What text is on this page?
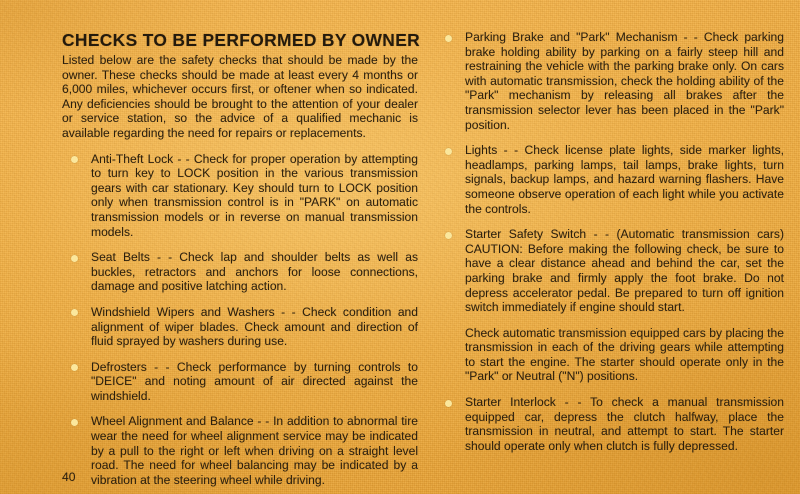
CHECKS TO BE PERFORMED BY OWNER

Listed below are the safety checks that should be made by the owner. These checks should be made at least every 4 months or 6,000 miles, whichever occurs first, or oftener when so indicated. Any deficiencies should be brought to the attention of your dealer or service station, so the advice of a qualified mechanic is available regarding the need for repairs or replacements.

Anti-Theft Lock - - Check for proper operation by attempting to turn key to LOCK position in the various transmission gears with car stationary. Key should turn to LOCK position only when transmission control is in "PARK" on automatic transmission models or in reverse on manual transmission models.
Seat Belts - - Check lap and shoulder belts as well as buckles, retractors and anchors for loose connections, damage and positive latching action.
Windshield Wipers and Washers - - Check condition and alignment of wiper blades. Check amount and direction of fluid sprayed by washers during use.
Defrosters - - Check performance by turning controls to "DEICE" and noting amount of air directed against the windshield.
Wheel Alignment and Balance - - In addition to abnormal tire wear the need for wheel alignment service may be indicated by a pull to the right or left when driving on a straight level road. The need for wheel balancing may be indicated by a vibration at the steering wheel while driving.
Parking Brake and "Park" Mechanism - - Check parking brake holding ability by parking on a fairly steep hill and restraining the vehicle with the parking brake only. On cars with automatic transmission, check the holding ability of the "Park" mechanism by releasing all brakes after the transmission selector lever has been placed in the "Park" position.
Lights - - Check license plate lights, side marker lights, headlamps, parking lamps, tail lamps, brake lights, turn signals, backup lamps, and hazard warning flashers. Have someone observe operation of each light while you activate the controls.
Starter Safety Switch - - (Automatic transmission cars) CAUTION: Before making the following check, be sure to have a clear distance ahead and behind the car, set the parking brake and firmly apply the foot brake. Do not depress accelerator pedal. Be prepared to turn off ignition switch immediately if engine should start.
Check automatic transmission equipped cars by placing the transmission in each of the driving gears while attempting to start the engine. The starter should operate only in the "Park" or Neutral ("N") positions.
Starter Interlock - - To check a manual transmission equipped car, depress the clutch halfway, place the transmission in neutral, and attempt to start. The starter should operate only when clutch is fully depressed.
40
